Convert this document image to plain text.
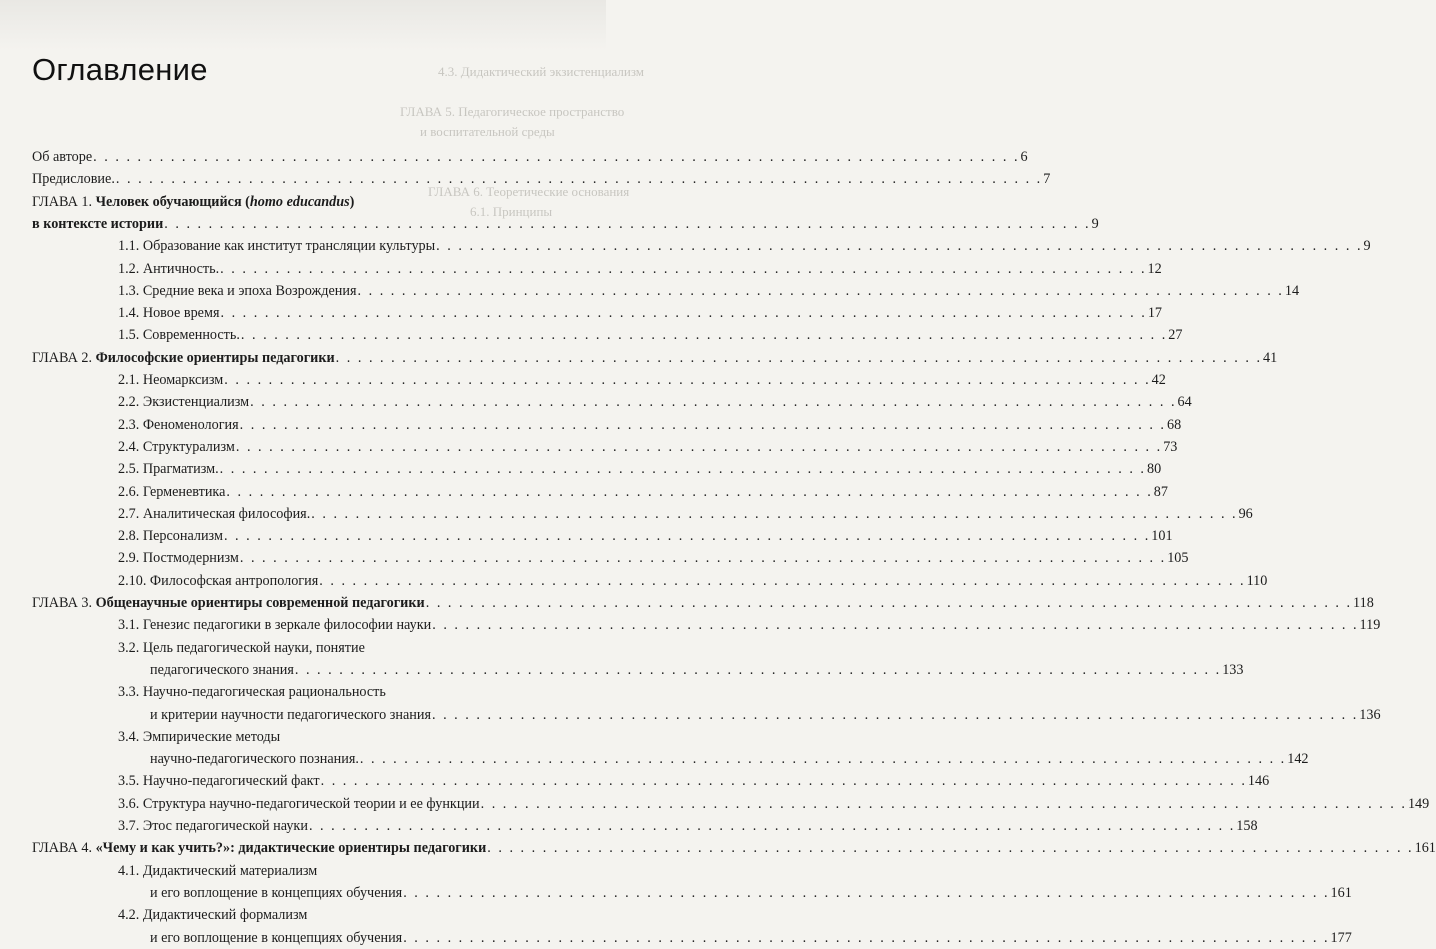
4.3. Дидактический экзистенциализм
ГЛАВА 5. Педагогическое пространство
и воспитательной среды
ГЛАВА 6. Теоретические основания
6.1. Принципы
Оглавление
Об авторе . . . . . . . . . . . . . . . . . . . . . . . . . . . . . . . . . . . . . . . . . . . . . . . . . . . . . . . . . . . . . . . . . . . . . . . . . . . . . . . . . . . . 6
Предисловие. . . . . . . . . . . . . . . . . . . . . . . . . . . . . . . . . . . . . . . . . . . . . . . . . . . . . . . . . . . . . . . . . . . . . . . . . . . . . . . . . . . . . 7
ГЛАВА 1. Человек обучающийся (homo educandus)
в контексте истории . . . . . . . . . . . . . . . . . . . . . . . . . . . . . . . . . . . . . . . . . . . . . . . . . . . . . . . . . . . . . . . . . . . . . . . . . . . . . . . . . . . . 9
1.1. Образование как институт трансляции культуры . . . . . . . . . . . . . . . . . . . . . . . . . . . . . . . . . . . . . . . . . . . . . . . . . . . . . . . . . . . . . . . . . . . . . . . . . . . . . . . . . . . . 9
1.2. Античность. . . . . . . . . . . . . . . . . . . . . . . . . . . . . . . . . . . . . . . . . . . . . . . . . . . . . . . . . . . . . . . . . . . . . . . . . . . . . . . . . . . . . 12
1.3. Средние века и эпоха Возрождения . . . . . . . . . . . . . . . . . . . . . . . . . . . . . . . . . . . . . . . . . . . . . . . . . . . . . . . . . . . . . . . . . . . . . . . . . . . . . . . . . . . . 14
1.4. Новое время . . . . . . . . . . . . . . . . . . . . . . . . . . . . . . . . . . . . . . . . . . . . . . . . . . . . . . . . . . . . . . . . . . . . . . . . . . . . . . . . . . . . 17
1.5. Современность. . . . . . . . . . . . . . . . . . . . . . . . . . . . . . . . . . . . . . . . . . . . . . . . . . . . . . . . . . . . . . . . . . . . . . . . . . . . . . . . . . . . . 27
ГЛАВА 2. Философские ориентиры педагогики . . . . . . . . . . . . . . . . . . . . . . . . . . . . . . . . . . . . . . . . . . . . . . . . . . . . . . . . . . . . . . . . . . . . . . . . . . . . . . . . . . . . 41
2.1. Неомарксизм . . . . . . . . . . . . . . . . . . . . . . . . . . . . . . . . . . . . . . . . . . . . . . . . . . . . . . . . . . . . . . . . . . . . . . . . . . . . . . . . . . . . 42
2.2. Экзистенциализм . . . . . . . . . . . . . . . . . . . . . . . . . . . . . . . . . . . . . . . . . . . . . . . . . . . . . . . . . . . . . . . . . . . . . . . . . . . . . . . . . . . . 64
2.3. Феноменология . . . . . . . . . . . . . . . . . . . . . . . . . . . . . . . . . . . . . . . . . . . . . . . . . . . . . . . . . . . . . . . . . . . . . . . . . . . . . . . . . . . . 68
2.4. Структурализм . . . . . . . . . . . . . . . . . . . . . . . . . . . . . . . . . . . . . . . . . . . . . . . . . . . . . . . . . . . . . . . . . . . . . . . . . . . . . . . . . . . . 73
2.5. Прагматизм. . . . . . . . . . . . . . . . . . . . . . . . . . . . . . . . . . . . . . . . . . . . . . . . . . . . . . . . . . . . . . . . . . . . . . . . . . . . . . . . . . . . . 80
2.6. Герменевтика . . . . . . . . . . . . . . . . . . . . . . . . . . . . . . . . . . . . . . . . . . . . . . . . . . . . . . . . . . . . . . . . . . . . . . . . . . . . . . . . . . . . 87
2.7. Аналитическая философия. . . . . . . . . . . . . . . . . . . . . . . . . . . . . . . . . . . . . . . . . . . . . . . . . . . . . . . . . . . . . . . . . . . . . . . . . . . . . . . . . . . . . 96
2.8. Персонализм . . . . . . . . . . . . . . . . . . . . . . . . . . . . . . . . . . . . . . . . . . . . . . . . . . . . . . . . . . . . . . . . . . . . . . . . . . . . . . . . . . . . 101
2.9. Постмодернизм . . . . . . . . . . . . . . . . . . . . . . . . . . . . . . . . . . . . . . . . . . . . . . . . . . . . . . . . . . . . . . . . . . . . . . . . . . . . . . . . . . . . 105
2.10. Философская антропология . . . . . . . . . . . . . . . . . . . . . . . . . . . . . . . . . . . . . . . . . . . . . . . . . . . . . . . . . . . . . . . . . . . . . . . . . . . . . . . . . . . . 110
ГЛАВА 3. Общенаучные ориентиры современной педагогики . . . . . . . . . . . . . . . . . . . . . . . . . . . . . . . . . . . . . . . . . . . . . . . . . . . . . . . . . . . . . . . . . . . . . . . . . . . . . . . . . . . . 118
3.1. Генезис педагогики в зеркале философии науки . . . . . . . . . . . . . . . . . . . . . . . . . . . . . . . . . . . . . . . . . . . . . . . . . . . . . . . . . . . . . . . . . . . . . . . . . . . . . . . . . . . . 119
3.2. Цель педагогической науки, понятие
педагогического знания . . . . . . . . . . . . . . . . . . . . . . . . . . . . . . . . . . . . . . . . . . . . . . . . . . . . . . . . . . . . . . . . . . . . . . . . . . . . . . . . . . . . 133
3.3. Научно-педагогическая рациональность
и критерии научности педагогического знания . . . . . . . . . . . . . . . . . . . . . . . . . . . . . . . . . . . . . . . . . . . . . . . . . . . . . . . . . . . . . . . . . . . . . . . . . . . . . . . . . . . . 136
3.4. Эмпирические методы
научно-педагогического познания. . . . . . . . . . . . . . . . . . . . . . . . . . . . . . . . . . . . . . . . . . . . . . . . . . . . . . . . . . . . . . . . . . . . . . . . . . . . . . . . . . . . . 142
3.5. Научно-педагогический факт . . . . . . . . . . . . . . . . . . . . . . . . . . . . . . . . . . . . . . . . . . . . . . . . . . . . . . . . . . . . . . . . . . . . . . . . . . . . . . . . . . . . 146
3.6. Структура научно-педагогической теории и ее функции . . . . . . . . . . . . . . . . . . . . . . . . . . . . . . . . . . . . . . . . . . . . . . . . . . . . . . . . . . . . . . . . . . . . . . . . . . . . . . . . . . . . 149
3.7. Этос педагогической науки . . . . . . . . . . . . . . . . . . . . . . . . . . . . . . . . . . . . . . . . . . . . . . . . . . . . . . . . . . . . . . . . . . . . . . . . . . . . . . . . . . . . 158
ГЛАВА 4. «Чему и как учить?»: дидактические ориентиры педагогики . . . . . . . . . . . . . . . . . . . . . . . . . . . . . . . . . . . . . . . . . . . . . . . . . . . . . . . . . . . . . . . . . . . . . . . . . . . . . . . . . . . . 161
4.1. Дидактический материализм
и его воплощение в концепциях обучения . . . . . . . . . . . . . . . . . . . . . . . . . . . . . . . . . . . . . . . . . . . . . . . . . . . . . . . . . . . . . . . . . . . . . . . . . . . . . . . . . . . . 161
4.2. Дидактический формализм
и его воплощение в концепциях обучения . . . . . . . . . . . . . . . . . . . . . . . . . . . . . . . . . . . . . . . . . . . . . . . . . . . . . . . . . . . . . . . . . . . . . . . . . . . . . . . . . . . . 177
